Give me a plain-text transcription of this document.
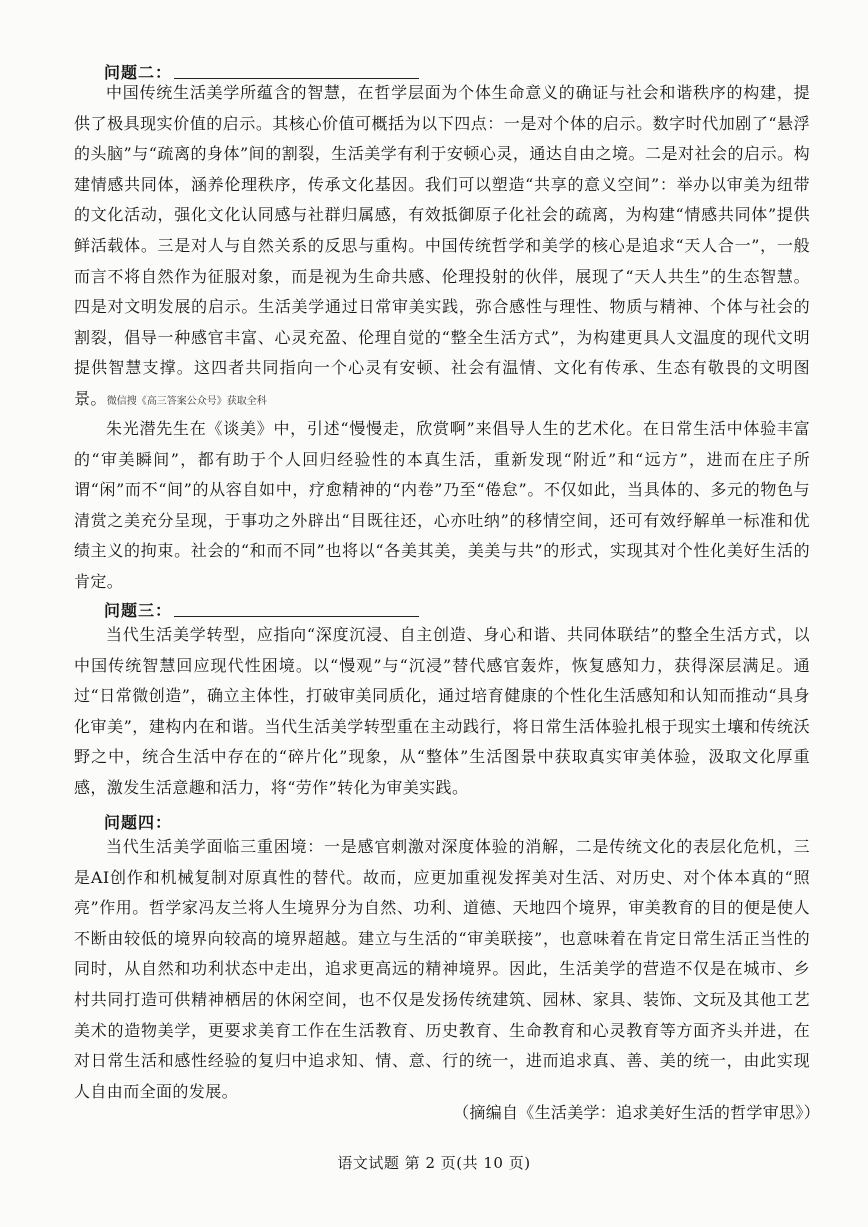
问题二：

中国传统生活美学所蕴含的智慧，在哲学层面为个体生命意义的确证与社会和谐秩序的构建，提供了极具现实价值的启示。其核心价值可概括为以下四点：一是对个体的启示。数字时代加剧了“悬浮的头脑”与“疏离的身体”间的割裂，生活美学有利于安顿心灵，通达自由之境。二是对社会的启示。构建情感共同体，涵养伦理秩序，传承文化基因。我们可以塑造“共享的意义空间”：举办以审美为纽带的文化活动，强化文化认同感与社群归属感，有效抵御原子化社会的疏离，为构建“情感共同体”提供鲜活载体。三是对人与自然关系的反思与重构。中国传统哲学和美学的核心是追求“天人合一”，一般而言不将自然作为征服对象，而是视为生命共感、伦理投射的伙伴，展现了“天人共生”的生态智慧。四是对文明发展的启示。生活美学通过日常审美实践，弥合感性与理性、物质与精神、个体与社会的割裂，倡导一种感官丰富、心灵充盈、伦理自觉的“整全生活方式”，为构建更具人文温度的现代文明提供智慧支撑。这四者共同指向一个心灵有安顿、社会有温情、文化有传承、生态有敬畏的文明图景。微信搜《高三答案公众号》获取全科

朱光潜先生在《谈美》中，引述“慢慢走，欣赏啊”来倡导人生的艺术化。在日常生活中体验丰富的“审美瞬间”，都有助于个人回归经验性的本真生活，重新发现“附近”和“远方”，进而在庄子所谓“闲”而不“间”的从容自如中，疗愈精神的“内卷”乃至“倦怠”。不仅如此，当具体的、多元的物色与清赏之美充分呈现，于事功之外辟出“目既往还，心亦吐纳”的移情空间，还可有效纾解单一标准和优绩主义的拘束。社会的“和而不同”也将以“各美其美，美美与共”的形式，实现其对个性化美好生活的肯定。

问题三：

当代生活美学转型，应指向“深度沉浸、自主创造、身心和谐、共同体联结”的整全生活方式，以中国传统智慧回应现代性困境。以“慢观”与“沉浸”替代感官轰炸，恢复感知力，获得深层满足。通过“日常微创造”，确立主体性，打破审美同质化，通过培育健康的个性化生活感知和认知而推动“具身化审美”，建构内在和谐。当代生活美学转型重在主动践行，将日常生活体验扎根于现实土壤和传统沃野之中，统合生活中存在的“碎片化”现象，从“整体”生活图景中获取真实审美体验，汲取文化厚重感，激发生活意趣和活力，将“劳作”转化为审美实践。

问题四：

当代生活美学面临三重困境：一是感官刺激对深度体验的消解，二是传统文化的表层化危机，三是AI创作和机械复制对原真性的替代。故而，应更加重视发挥美对生活、对历史、对个体本真的“照亮”作用。哲学家冯友兰将人生境界分为自然、功利、道德、天地四个境界，审美教育的目的便是使人不断由较低的境界向较高的境界超越。建立与生活的“审美联接”，也意味着在肯定日常生活正当性的同时，从自然和功利状态中走出，追求更高远的精神境界。因此，生活美学的营造不仅是在城市、乡村共同打造可供精神栖居的休闲空间，也不仅是发扬传统建筑、园林、家具、装饰、文玩及其他工艺美术的造物美学，更要求美育工作在生活教育、历史教育、生命教育和心灵教育等方面齐头并进，在对日常生活和感性经验的复归中追求知、情、意、行的统一，进而追求真、善、美的统一，由此实现人自由而全面的发展。

（摘编自《生活美学：追求美好生活的哲学审思》）
语文试题 第 2 页(共 10 页)
